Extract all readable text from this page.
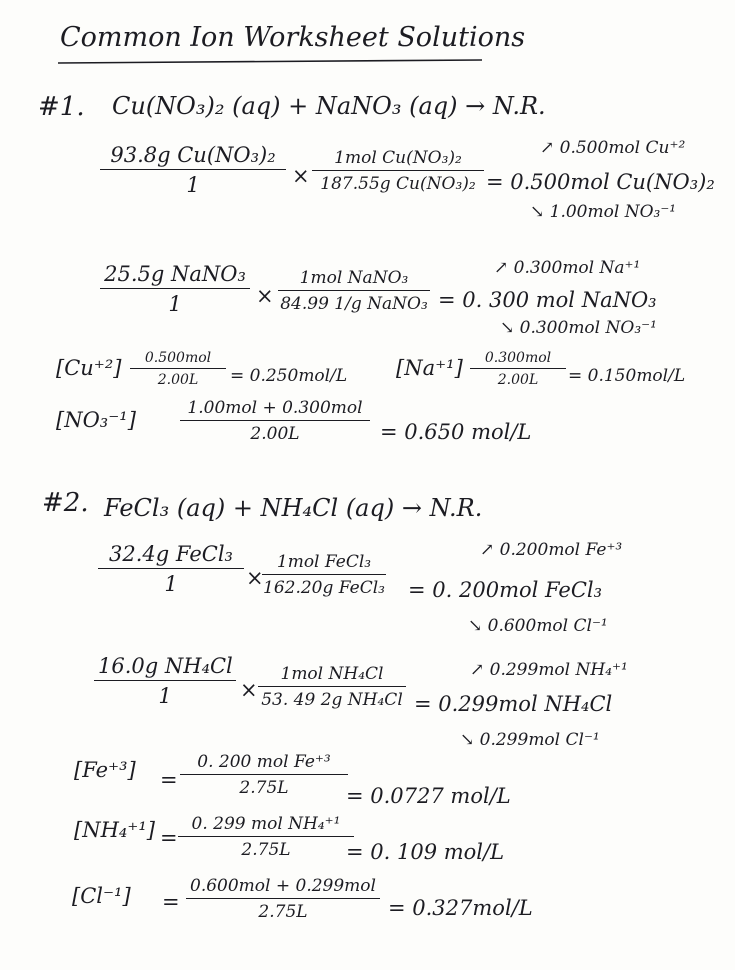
Common Ion Worksheet Solutions
#1. Cu(NO₃)₂ (aq) + NaNO₃ (aq) → N.R.
$\frac{\text{93.8g Cu(NO₃)₂}}{1}$ ×
1mol Cu(NO₃)₂
187.55g Cu(NO₃)₂ = 0.500mol Cu(NO₃)₂
↗ 0.500mol Cu⁺²
↘ 1.00mol NO₃⁻¹
25.5g NaNO₃
1	×
1mol NaNO₃
84.99 1/g NaNO₃ = 0. 300 mol NaNO₃
↗ 0.300mol Na⁺¹
↘ 0.300mol NO₃⁻¹
[Cu⁺²]	0.500mol
2.00L	= 0.250mol/L [Na⁺¹]	0.300mol
2.00L	= 0.150mol/L
[NO₃⁻¹]	1.00mol + 0.300mol
2.00L	= 0.650 mol/L
#2. FeCl₃ (aq) + NH₄Cl (aq) → N.R.
32.4g FeCl₃
1	×
1mol FeCl₃
162.20g FeCl₃ = 0. 200mol FeCl₃
↗ 0.200mol Fe⁺³
↘ 0.600mol Cl⁻¹
$\frac{\text{16.0g NH₄Cl}}{1}$ ×
1mol NH₄Cl
53. 49 2g NH₄Cl = 0.299mol NH₄Cl
↗ 0.299mol NH₄⁺¹
↘ 0.299mol Cl⁻¹
[Fe⁺³] =
0. 200 mol Fe⁺³
2.75L	= 0.0727 mol/L
[NH₄⁺¹] =
0. 299 mol NH₄⁺¹
2.75L	= 0. 109 mol/L
[Cl⁻¹] =
0.600mol + 0.299mol
2.75L	= 0.327mol/L
